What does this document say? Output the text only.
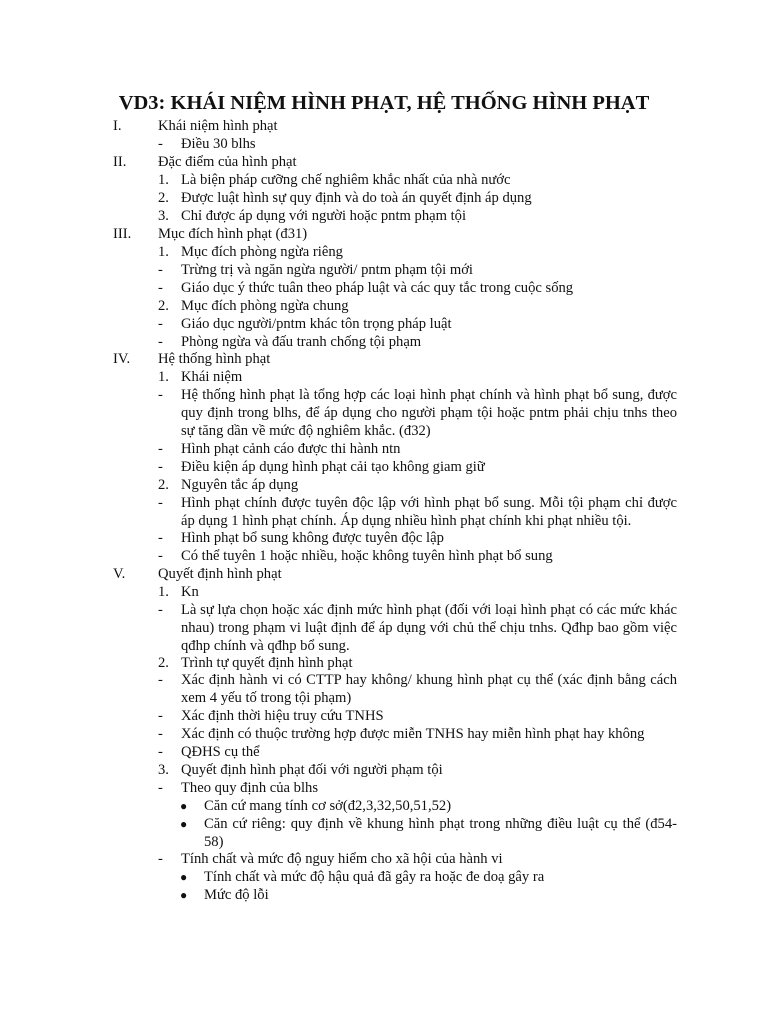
VD3: KHÁI NIỆM HÌNH PHẠT, HỆ THỐNG HÌNH PHẠT
I. Khái niệm hình phạt
- Điều 30 blhs
II. Đặc điểm của hình phạt
1. Là biện pháp cưỡng chế nghiêm khắc nhất của nhà nước
2. Được luật hình sự quy định và do toà án quyết định áp dụng
3. Chỉ được áp dụng với người hoặc pntm phạm tội
III. Mục đích hình phạt (đ31)
1. Mục đích phòng ngừa riêng
- Trừng trị và ngăn ngừa người/ pntm phạm tội mới
- Giáo dục ý thức tuân theo pháp luật và các quy tắc trong cuộc sống
2. Mục đích phòng ngừa chung
- Giáo dục người/pntm khác tôn trọng pháp luật
- Phòng ngừa và đấu tranh chống tội phạm
IV. Hệ thống hình phạt
1. Khái niệm
- Hệ thống hình phạt là tổng hợp các loại hình phạt chính và hình phạt bổ sung, được quy định trong blhs, để áp dụng cho người phạm tội hoặc pntm phải chịu tnhs theo sự tăng dần về mức độ nghiêm khắc. (đ32)
- Hình phạt cảnh cáo được thi hành ntn
- Điều kiện áp dụng hình phạt cải tạo không giam giữ
2. Nguyên tắc áp dụng
- Hình phạt chính được tuyên độc lập với hình phạt bổ sung. Mỗi tội phạm chỉ được áp dụng 1 hình phạt chính. Áp dụng nhiều hình phạt chính khi phạt nhiều tội.
- Hình phạt bổ sung không được tuyên độc lập
- Có thể tuyên 1 hoặc nhiều, hoặc không tuyên hình phạt bổ sung
V. Quyết định hình phạt
1. Kn
- Là sự lựa chọn hoặc xác định mức hình phạt (đối với loại hình phạt có các mức khác nhau) trong phạm vi luật định để áp dụng với chủ thể chịu tnhs. Qđhp bao gồm việc qđhp chính và qđhp bổ sung.
2. Trình tự quyết định hình phạt
- Xác định hành vi có CTTP hay không/ khung hình phạt cụ thể (xác định bằng cách xem 4 yếu tố trong tội phạm)
- Xác định thời hiệu truy cứu TNHS
- Xác định có thuộc trường hợp được miễn TNHS hay miễn hình phạt hay không
- QĐHS cụ thể
3. Quyết định hình phạt đối với người phạm tội
- Theo quy định của blhs
● Căn cứ mang tính cơ sở(đ2,3,32,50,51,52)
● Căn cứ riêng: quy định về khung hình phạt trong những điều luật cụ thể (đ54-58)
- Tính chất và mức độ nguy hiểm cho xã hội của hành vi
● Tính chất và mức độ hậu quả đã gây ra hoặc đe doạ gây ra
● Mức độ lỗi
